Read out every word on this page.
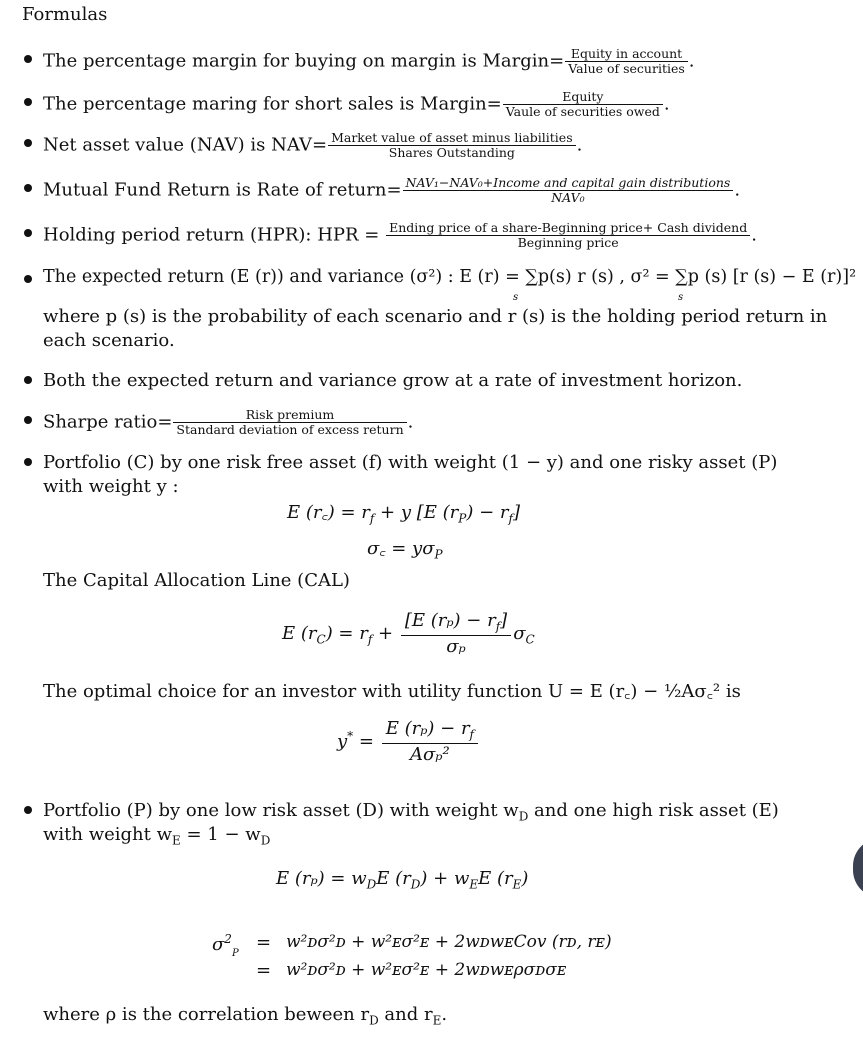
Formulas
The percentage margin for buying on margin is Margin= $\frac{\text{Equity in account}}{\text{Value of securities}}$ .
The percentage maring for short sales is Margin= $\frac{\text{Equity}}{\text{Vaule of securities owed}}$ .
Net asset value (NAV) is $NAV= \frac{\text{Market value of asset minus liabilities}}{\text{Shares Outstanding}}$ .
Mutual Fund Return is Rate of return= $\frac{\text{NAV₁−NAV₀+Income and capital gain distributions}}{\text{NAV₀}}$ .
Holding period return (HPR): HPR = $\frac{\text{Ending price of a share-Beginning price+ Cash dividend}}{\text{Beginning price}}$ .
The expected return (E (r)) and variance (σ²) : E (r) = ∑p(s) r (s) , σ² = ∑p (s) [r (s) − E (r)]²
s	s
where p (s) is the probability of each scenario and r (s) is the holding period return in
each scenario.
Both the expected return and variance grow at a rate of investment horizon.
Sharpe ratio= $\frac{\text{Risk premium}}{\text{Standard deviation of excess return}}$ .
Portfolio (C) by one risk free asset (f) with weight (1 − y) and one risky asset (P)
with weight y :
E (r꜀) = $r_f + y$ [E $(r_P) - r_f$]
σ꜀ = $y\sigma_P$
The Capital Allocation Line (CAL)
E $(r_C) = r_f + \frac{[E (r_p) - r_f]}{\text{σₚ}} \sigma_C$
The optimal choice for an investor with utility function U = E (r꜀) − ½Aσ꜀² is
$y^* = \frac{E (r_p) - r_f}{\text{Aσₚ²}}$
Portfolio (P) by one low risk asset (D) with weight $w_D$ and one high risk asset (E)
with weight $w_E = 1 - w_D$
E $(r_p) = w_DE$ $(r_D) + w_EE$ $(r_E)$
$\sigma^2_P$
= w²ᴅσ²ᴅ + w²ᴇσ²ᴇ + 2wᴅwᴇCov (rᴅ, rᴇ)
= w²ᴅσ²ᴅ + w²ᴇσ²ᴇ + 2wᴅwᴇρσᴅσᴇ
where ρ is the correlation beween $r_D$ and $r_E$.
